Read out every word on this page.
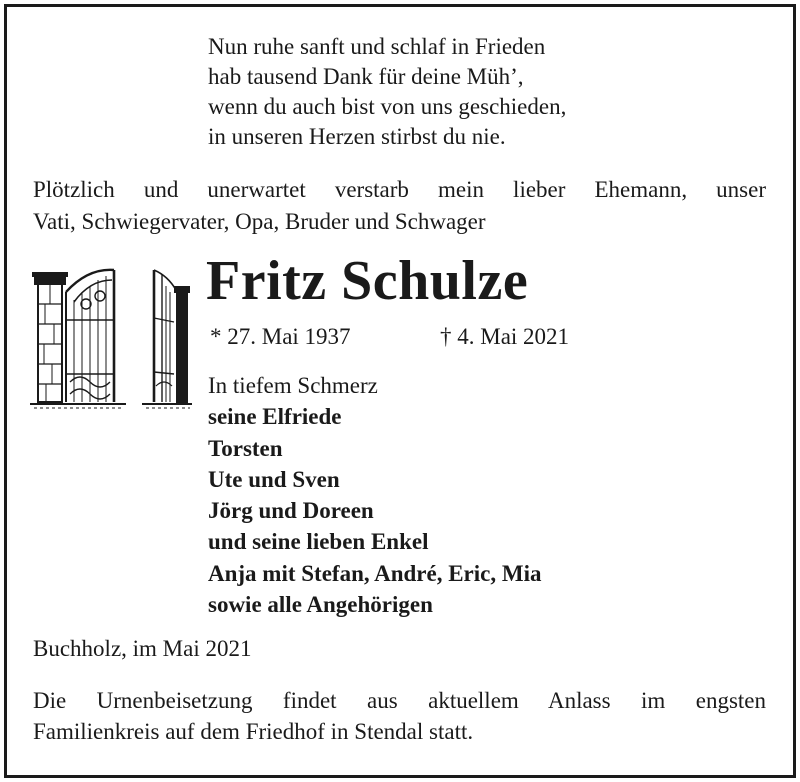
Nun ruhe sanft und schlaf in Frieden
hab tausend Dank für deine Müh’,
wenn du auch bist von uns geschieden,
in unseren Herzen stirbst du nie.
Plötzlich und unerwartet verstarb mein lieber Ehemann, unser
Vati, Schwiegervater, Opa, Bruder und Schwager
Fritz Schulze
* 27. Mai 1937	† 4. Mai 2021
In tiefem Schmerz
seine Elfriede
Torsten
Ute und Sven
Jörg und Doreen
und seine lieben Enkel
Anja mit Stefan, André, Eric, Mia
sowie alle Angehörigen
Buchholz, im Mai 2021
Die Urnenbeisetzung findet aus aktuellem Anlass im engsten
Familienkreis auf dem Friedhof in Stendal statt.
